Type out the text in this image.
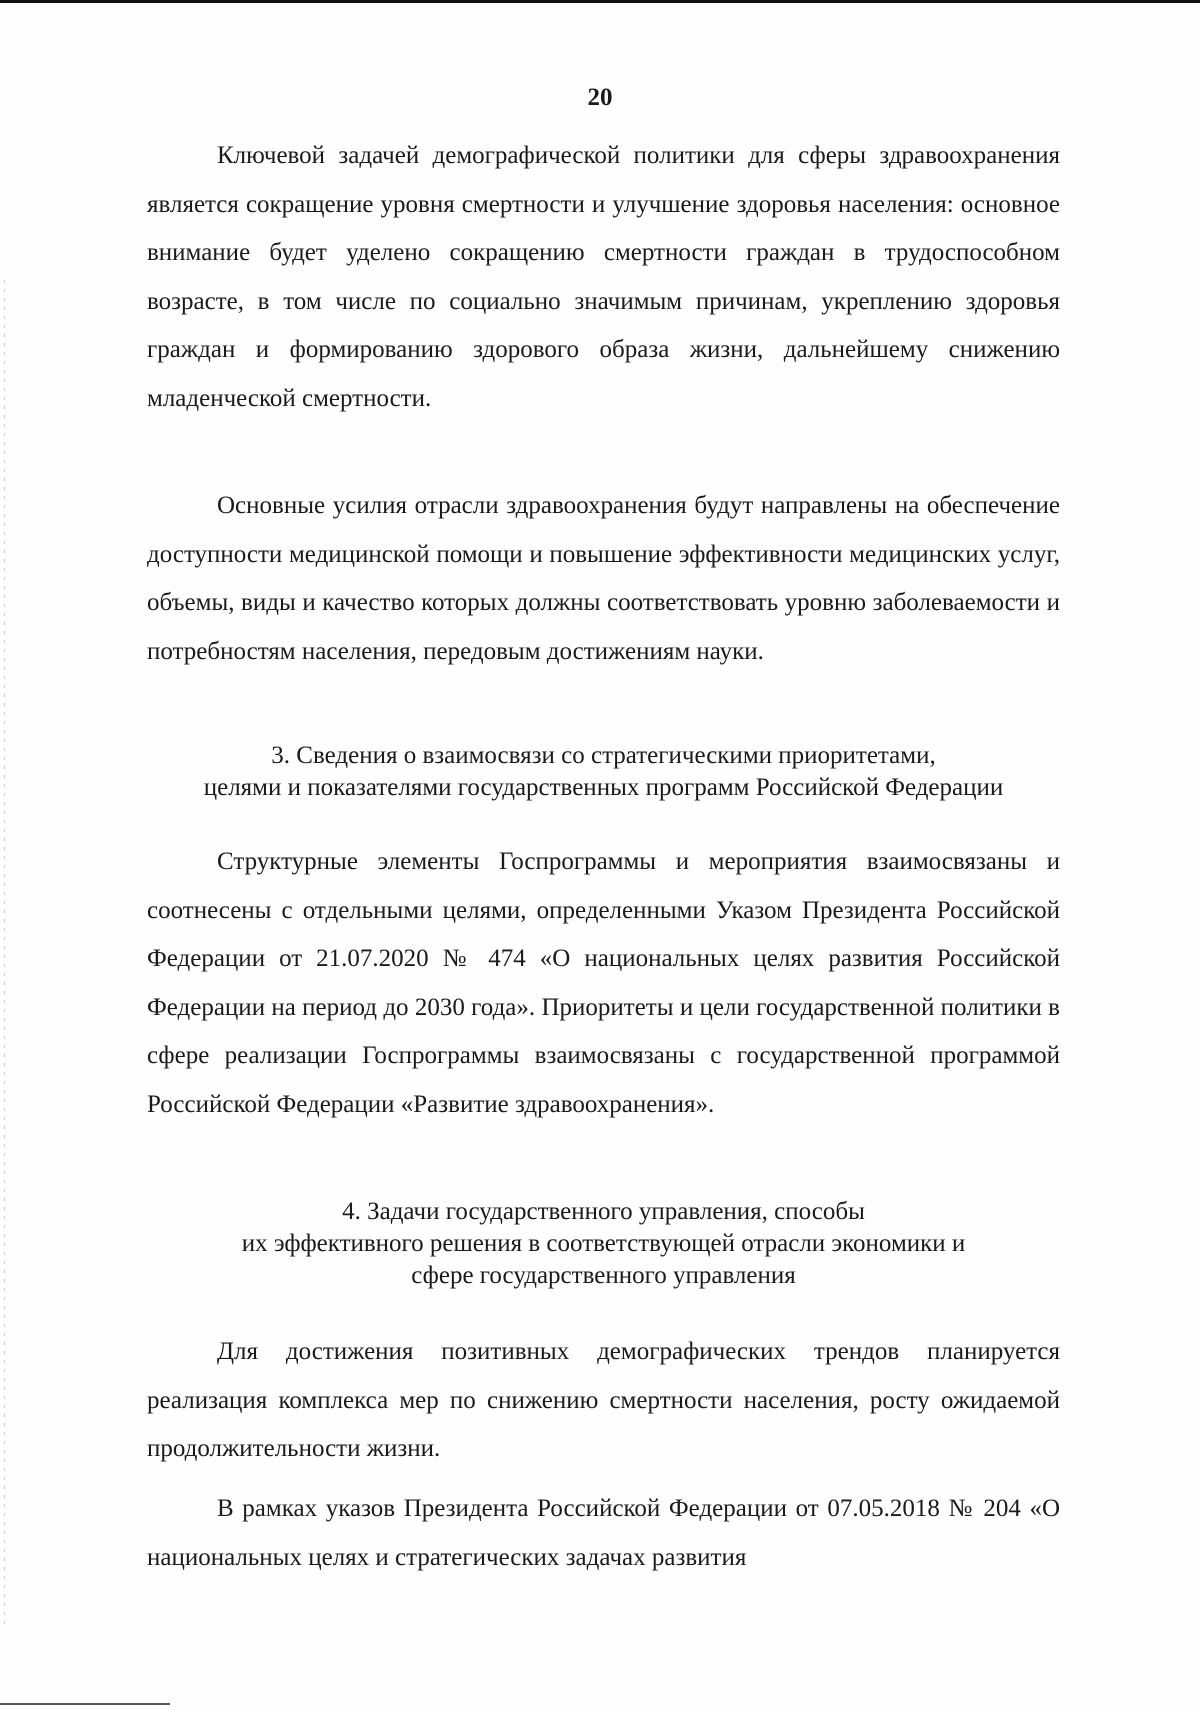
20

Ключевой задачей демографической политики для сферы здравоохранения является сокращение уровня смертности и улучшение здоровья населения: основное внимание будет уделено сокращению смертности граждан в трудоспособном возрасте, в том числе по социально значимым причинам, укреплению здоровья граждан и формированию здорового образа жизни, дальнейшему снижению младенческой смертности.

Основные усилия отрасли здравоохранения будут направлены на обеспечение доступности медицинской помощи и повышение эффективности медицинских услуг, объемы, виды и качество которых должны соответствовать уровню заболеваемости и потребностям населения, передовым достижениям науки.

3. Сведения о взаимосвязи со стратегическими приоритетами,
целями и показателями государственных программ Российской Федерации

Структурные элементы Госпрограммы и мероприятия взаимосвязаны и соотнесены с отдельными целями, определенными Указом Президента Российской Федерации от 21.07.2020 № 474 «О национальных целях развития Российской Федерации на период до 2030 года». Приоритеты и цели государственной политики в сфере реализации Госпрограммы взаимосвязаны с государственной программой Российской Федерации «Развитие здравоохранения».

4. Задачи государственного управления, способы
их эффективного решения в соответствующей отрасли экономики и
сфере государственного управления

Для достижения позитивных демографических трендов планируется реализация комплекса мер по снижению смертности населения, росту ожидаемой продолжительности жизни.

В рамках указов Президента Российской Федерации от 07.05.2018 № 204 «О национальных целях и стратегических задачах развития
